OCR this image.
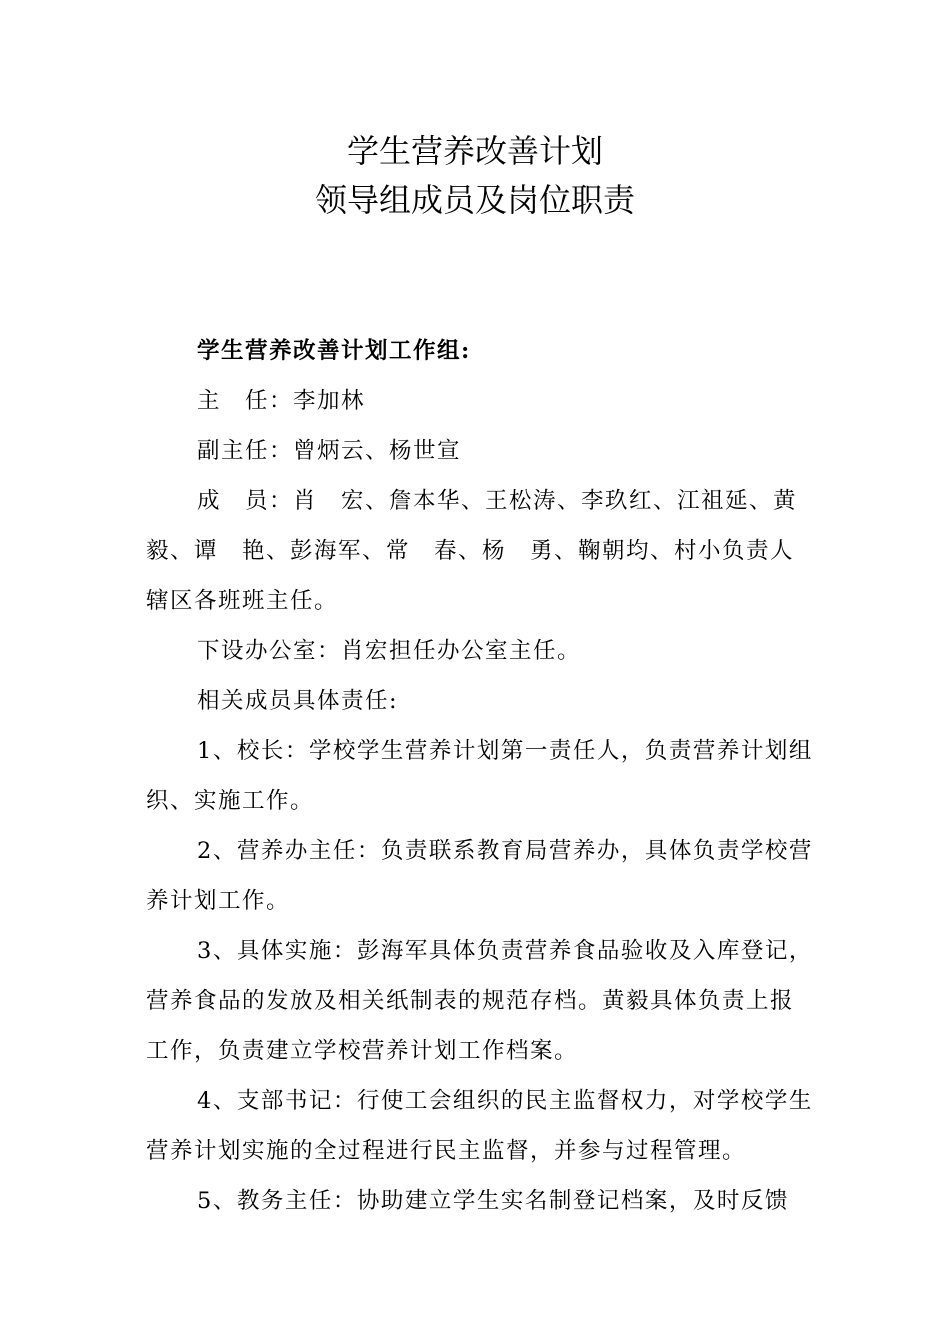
学生营养改善计划
领导组成员及岗位职责

学生营养改善计划工作组:

主　任：李加林

副主任：曾炳云、杨世宣

成　员：肖　宏、詹本华、王松涛、李玖红、江祖延、黄毅、谭　艳、彭海军、常　春、杨　勇、鞠朝均、村小负责人辖区各班班主任。

下设办公室：肖宏担任办公室主任。

相关成员具体责任:

1、校长：学校学生营养计划第一责任人，负责营养计划组织、实施工作。

2、营养办主任：负责联系教育局营养办，具体负责学校营养计划工作。

3、具体实施：彭海军具体负责营养食品验收及入库登记，营养食品的发放及相关纸制表的规范存档。黄毅具体负责上报工作，负责建立学校营养计划工作档案。

4、支部书记：行使工会组织的民主监督权力，对学校学生营养计划实施的全过程进行民主监督，并参与过程管理。

5、教务主任：协助建立学生实名制登记档案，及时反馈
